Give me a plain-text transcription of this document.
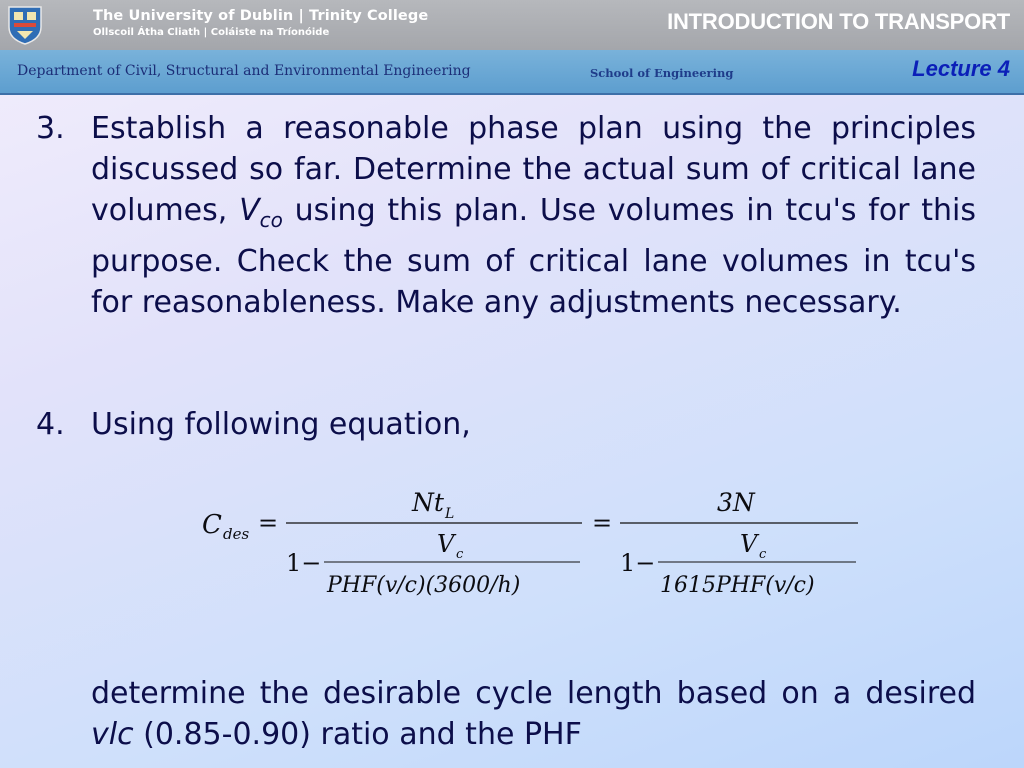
The University of Dublin | Trinity College
Ollscoil Átha Cliath | Coláiste na Tríonóide	INTRODUCTION TO TRANSPORT
Department of Civil, Structural and Environmental Engineering	School of Engineering	Lecture 4
3. Establish a reasonable phase plan using the principles discussed so far. Determine the actual sum of critical lane volumes, $V_{co}$ using this plan. Use volumes in tcu's for this purpose. Check the sum of critical lane volumes in tcu's for reasonableness. Make any adjustments necessary.
4. Using following equation,
determine the desirable cycle length based on a desired vlc (0.85-0.90) ratio and the PHF
C des =
Nt L
1−
V c
PHF(v/c)(3600/h)
=
3N
1−
V c
1615PHF(v/c)
